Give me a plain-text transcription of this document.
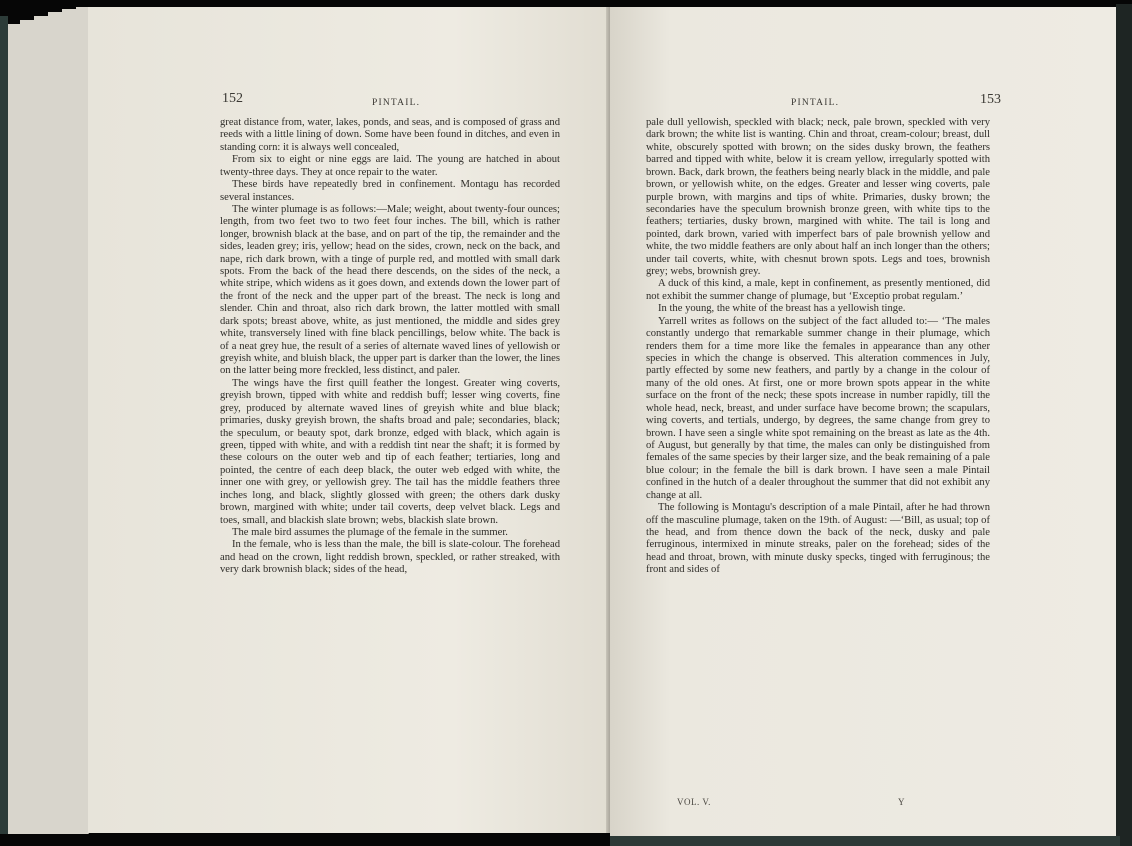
152	PINTAIL.

great distance from, water, lakes, ponds, and seas, and is composed of grass and reeds with a little lining of down. Some have been found in ditches, and even in standing corn: it is always well concealed,

From six to eight or nine eggs are laid. The young are hatched in about twenty-three days. They at once repair to the water.

These birds have repeatedly bred in confinement. Montagu has recorded several instances.

The winter plumage is as follows:—Male; weight, about twenty-four ounces; length, from two feet two to two feet four inches. The bill, which is rather longer, brownish black at the base, and on part of the tip, the remainder and the sides, leaden grey; iris, yellow; head on the sides, crown, neck on the back, and nape, rich dark brown, with a tinge of purple red, and mottled with small dark spots. From the back of the head there descends, on the sides of the neck, a white stripe, which widens as it goes down, and extends down the lower part of the front of the neck and the upper part of the breast. The neck is long and slender. Chin and throat, also rich dark brown, the latter mottled with small dark spots; breast above, white, as just mentioned, the middle and sides grey white, transversely lined with fine black pencillings, below white. The back is of a neat grey hue, the result of a series of alternate waved lines of yellowish or greyish white, and bluish black, the upper part is darker than the lower, the lines on the latter being more freckled, less distinct, and paler.

The wings have the first quill feather the longest. Greater wing coverts, greyish brown, tipped with white and reddish buff; lesser wing coverts, fine grey, produced by alternate waved lines of greyish white and blue black; primaries, dusky greyish brown, the shafts broad and pale; secondaries, black; the speculum, or beauty spot, dark bronze, edged with black, which again is green, tipped with white, and with a reddish tint near the shaft; it is formed by these colours on the outer web and tip of each feather; tertiaries, long and pointed, the centre of each deep black, the outer web edged with white, the inner one with grey, or yellowish grey. The tail has the middle feathers three inches long, and black, slightly glossed with green; the others dark dusky brown, margined with white; under tail coverts, deep velvet black. Legs and toes, small, and blackish slate brown; webs, blackish slate brown.

The male bird assumes the plumage of the female in the summer.

In the female, who is less than the male, the bill is slate-colour. The forehead and head on the crown, light reddish brown, speckled, or rather streaked, with very dark brownish black; sides of the head,

PINTAIL.	153

pale dull yellowish, speckled with black; neck, pale brown, speckled with very dark brown; the white list is wanting. Chin and throat, cream-colour; breast, dull white, obscurely spotted with brown; on the sides dusky brown, the feathers barred and tipped with white, below it is cream yellow, irregularly spotted with brown. Back, dark brown, the feathers being nearly black in the middle, and pale brown, or yellowish white, on the edges. Greater and lesser wing coverts, pale purple brown, with margins and tips of white. Primaries, dusky brown; the secondaries have the speculum brownish bronze green, with white tips to the feathers; tertiaries, dusky brown, margined with white. The tail is long and pointed, dark brown, varied with imperfect bars of pale brownish yellow and white, the two middle feathers are only about half an inch longer than the others; under tail coverts, white, with chesnut brown spots. Legs and toes, brownish grey; webs, brownish grey.

A duck of this kind, a male, kept in confinement, as presently mentioned, did not exhibit the summer change of plumage, but ‘Exceptio probat regulam.’

In the young, the white of the breast has a yellowish tinge.

Yarrell writes as follows on the subject of the fact alluded to:— ‘The males constantly undergo that remarkable summer change in their plumage, which renders them for a time more like the females in appearance than any other species in which the change is observed. This alteration commences in July, partly effected by some new feathers, and partly by a change in the colour of many of the old ones. At first, one or more brown spots appear in the white surface on the front of the neck; these spots increase in number rapidly, till the whole head, neck, breast, and under surface have become brown; the scapulars, wing coverts, and tertials, undergo, by degrees, the same change from grey to brown. I have seen a single white spot remaining on the breast as late as the 4th. of August, but generally by that time, the males can only be distinguished from females of the same species by their larger size, and the beak remaining of a pale blue colour; in the female the bill is dark brown. I have seen a male Pintail confined in the hutch of a dealer throughout the summer that did not exhibit any change at all.

The following is Montagu's description of a male Pintail, after he had thrown off the masculine plumage, taken on the 19th. of August: —‘Bill, as usual; top of the head, and from thence down the back of the neck, dusky and pale ferruginous, intermixed in minute streaks, paler on the forehead; sides of the head and throat, brown, with minute dusky specks, tinged with ferruginous; the front and sides of

VOL. V.	Y
